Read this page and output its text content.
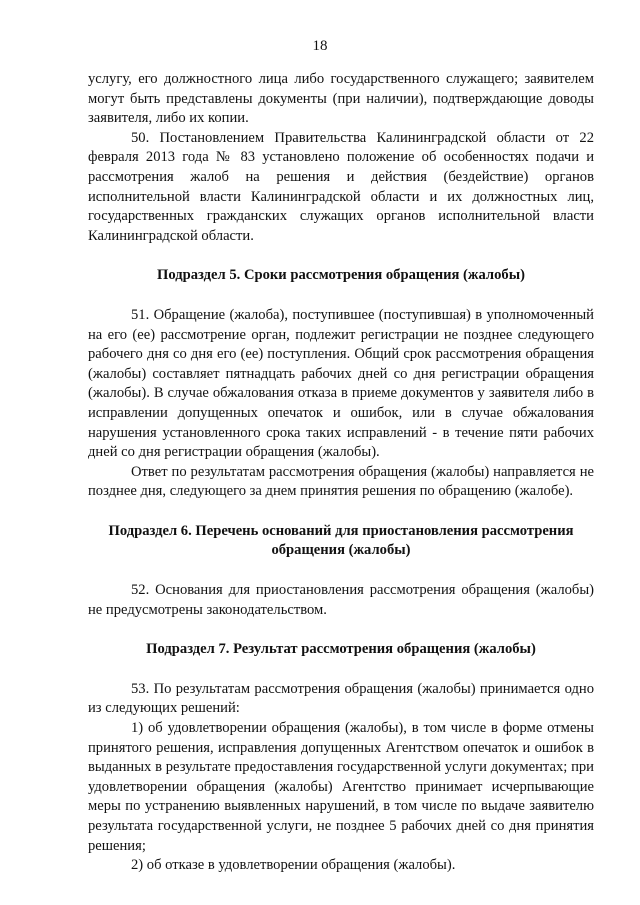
18

услугу, его должностного лица либо государственного служащего; заявителем могут быть представлены документы (при наличии), подтверждающие доводы заявителя, либо их копии.

50. Постановлением Правительства Калининградской области от 22 февраля 2013 года № 83 установлено положение об особенностях подачи и рассмотрения жалоб на решения и действия (бездействие) органов исполнительной власти Калининградской области и их должностных лиц, государственных гражданских служащих органов исполнительной власти Калининградской области.

Подраздел 5. Сроки рассмотрения обращения (жалобы)

51. Обращение (жалоба), поступившее (поступившая) в уполномоченный на его (ее) рассмотрение орган, подлежит регистрации не позднее следующего рабочего дня со дня его (ее) поступления. Общий срок рассмотрения обращения (жалобы) составляет пятнадцать рабочих дней со дня регистрации обращения (жалобы). В случае обжалования отказа в приеме документов у заявителя либо в исправлении допущенных опечаток и ошибок, или в случае обжалования нарушения установленного срока таких исправлений - в течение пяти рабочих дней со дня регистрации обращения (жалобы).

Ответ по результатам рассмотрения обращения (жалобы) направляется не позднее дня, следующего за днем принятия решения по обращению (жалобе).

Подраздел 6. Перечень оснований для приостановления рассмотрения обращения (жалобы)

52. Основания для приостановления рассмотрения обращения (жалобы) не предусмотрены законодательством.

Подраздел 7. Результат рассмотрения обращения (жалобы)

53. По результатам рассмотрения обращения (жалобы) принимается одно из следующих решений:

1) об удовлетворении обращения (жалобы), в том числе в форме отмены принятого решения, исправления допущенных Агентством опечаток и ошибок в выданных в результате предоставления государственной услуги документах; при удовлетворении обращения (жалобы) Агентство принимает исчерпывающие меры по устранению выявленных нарушений, в том числе по выдаче заявителю результата государственной услуги, не позднее 5 рабочих дней со дня принятия решения;

2) об отказе в удовлетворении обращения (жалобы).
